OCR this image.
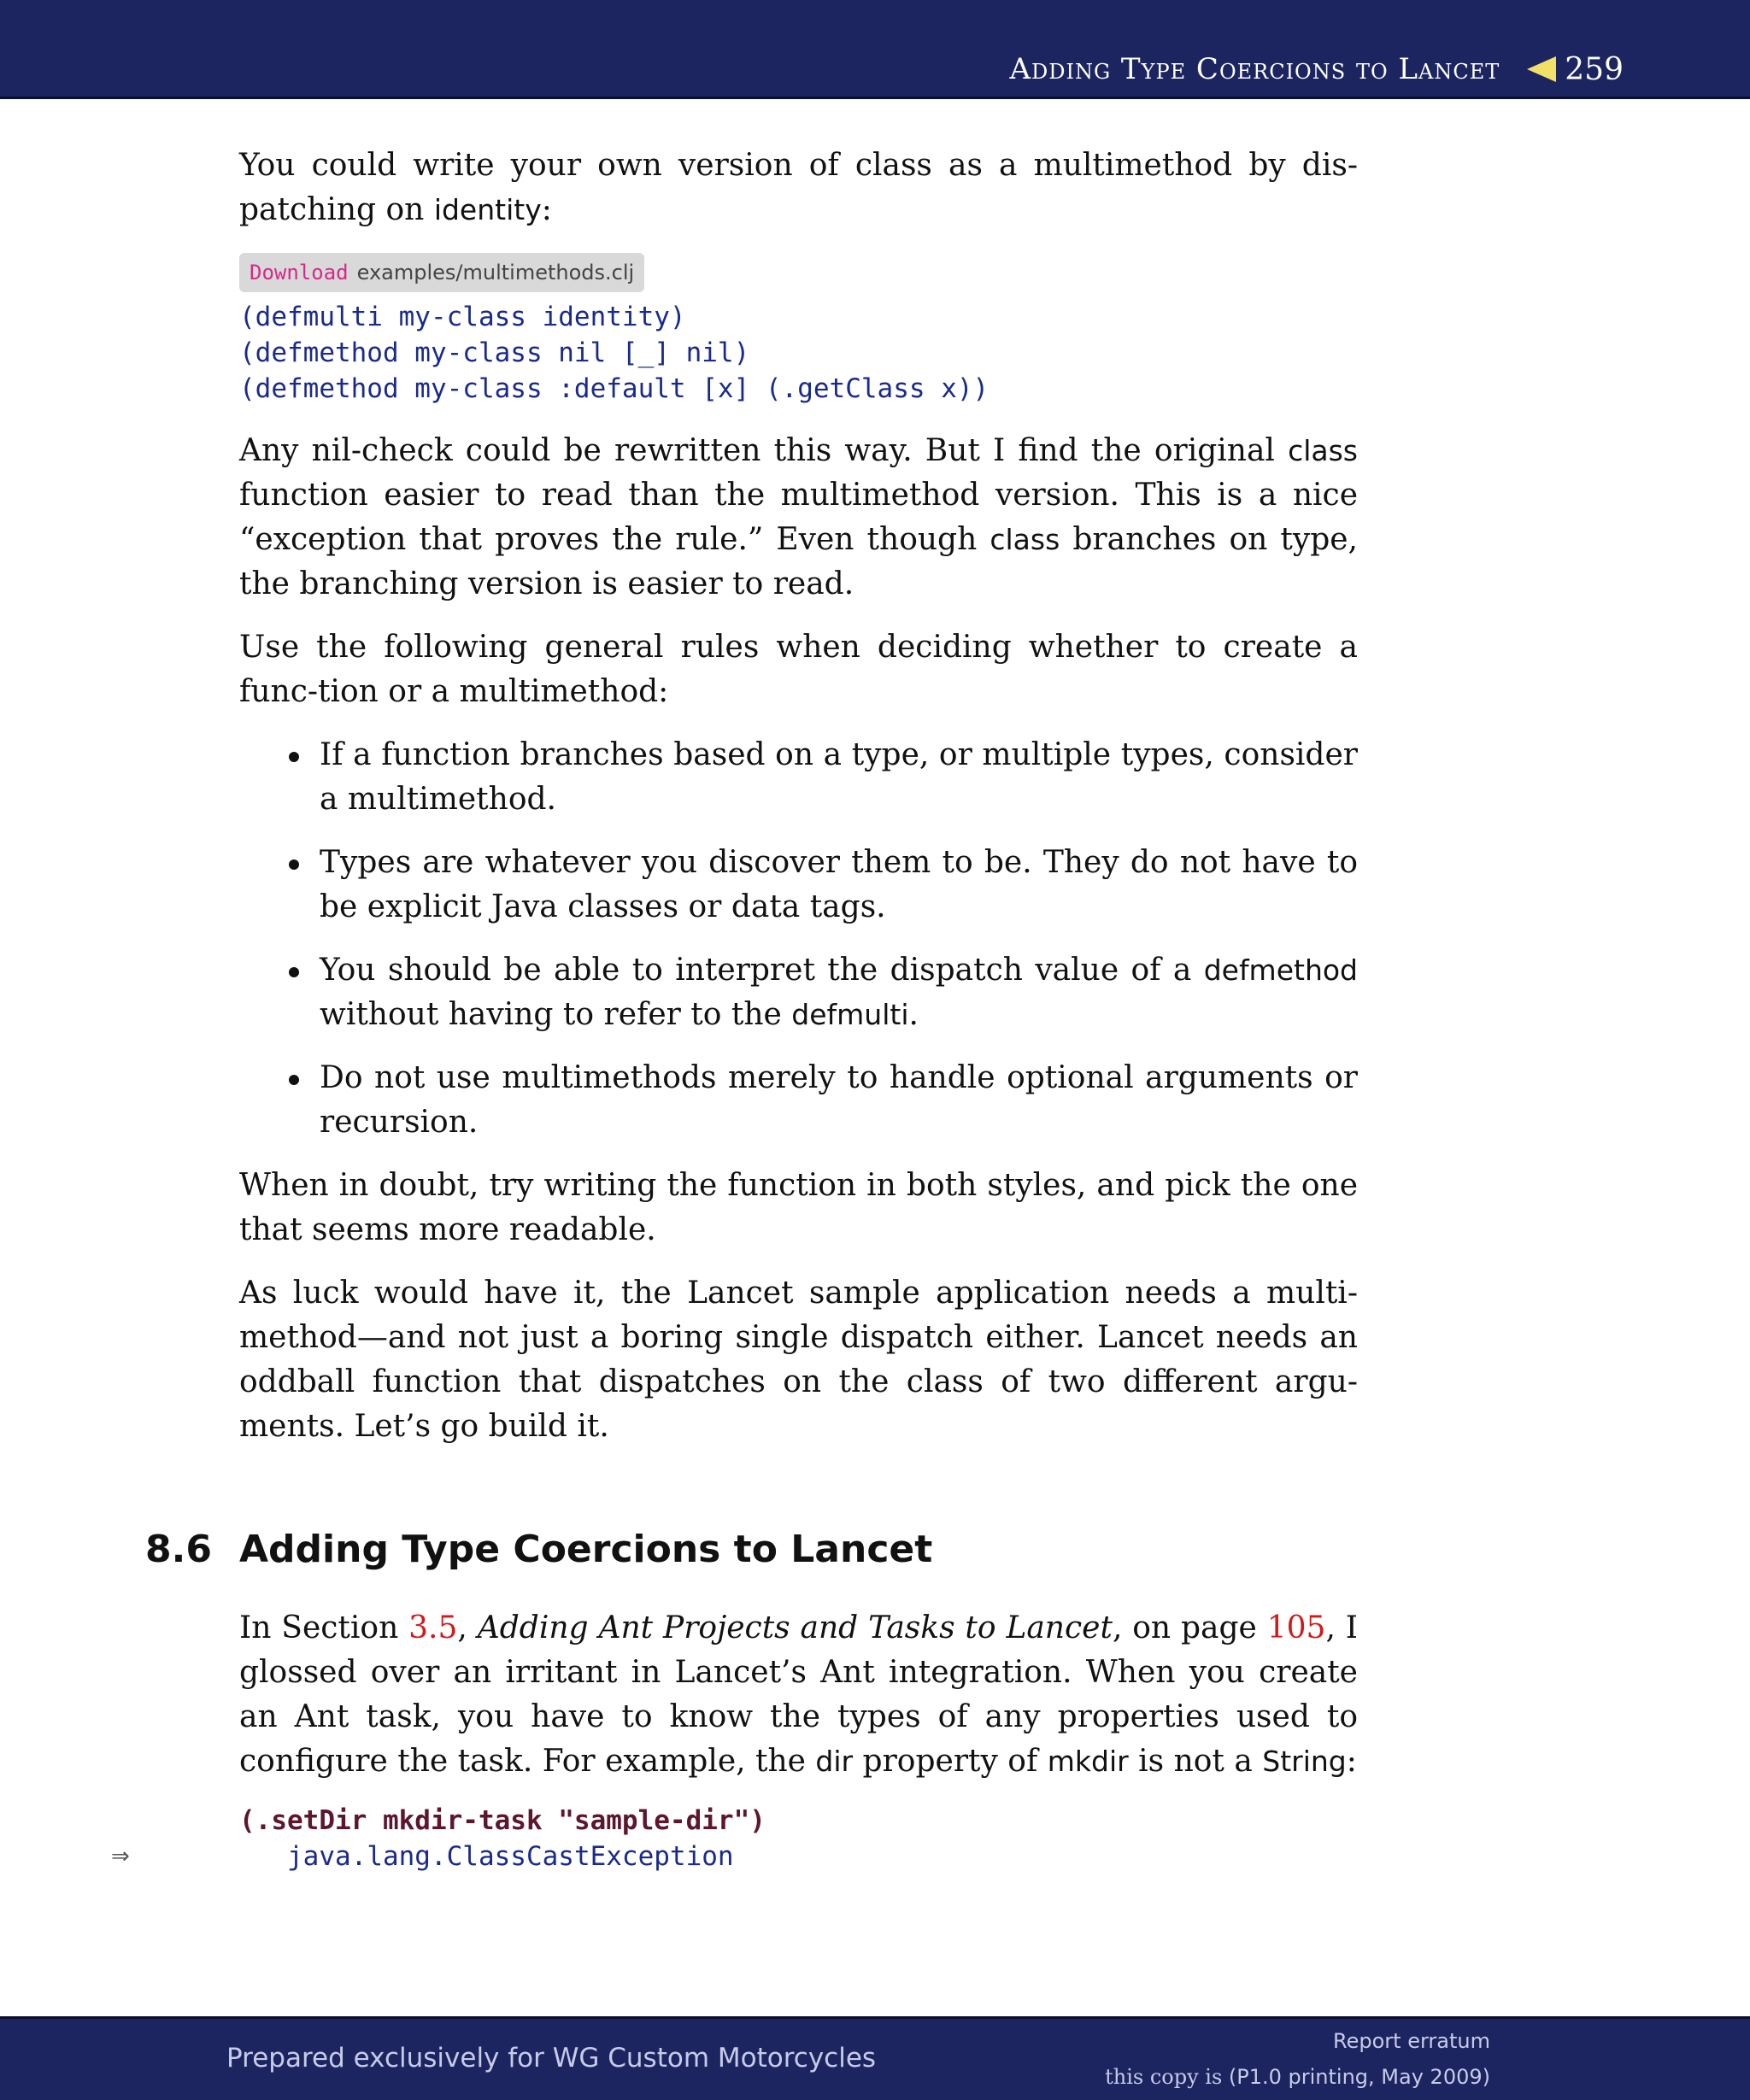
Adding Type Coercions to Lancet 259

You could write your own version of class as a multimethod by dis-patching on identity:

Download examples/multimethods.clj
(defmulti my-class identity)
(defmethod my-class nil [_] nil)
(defmethod my-class :default [x] (.getClass x))

Any nil-check could be rewritten this way. But I find the original class function easier to read than the multimethod version. This is a nice “exception that proves the rule.” Even though class branches on type, the branching version is easier to read.

Use the following general rules when deciding whether to create a func-tion or a multimethod:

If a function branches based on a type, or multiple types, consider a multimethod.
Types are whatever you discover them to be. They do not have to be explicit Java classes or data tags.
You should be able to interpret the dispatch value of a defmethod without having to refer to the defmulti.
Do not use multimethods merely to handle optional arguments or recursion.

When in doubt, try writing the function in both styles, and pick the one that seems more readable.

As luck would have it, the Lancet sample application needs a multi-method—and not just a boring single dispatch either. Lancet needs an oddball function that dispatches on the class of two different argu-ments. Let’s go build it.

8.6 Adding Type Coercions to Lancet

In Section 3.5, Adding Ant Projects and Tasks to Lancet, on page 105, I glossed over an irritant in Lancet’s Ant integration. When you create an Ant task, you have to know the types of any properties used to configure the task. For example, the dir property of mkdir is not a String:

(.setDir mkdir-task "sample-dir")
⇒	java.lang.ClassCastException
Prepared exclusively for WG Custom Motorcycles
Report erratum
this copy is (P1.0 printing, May 2009)
